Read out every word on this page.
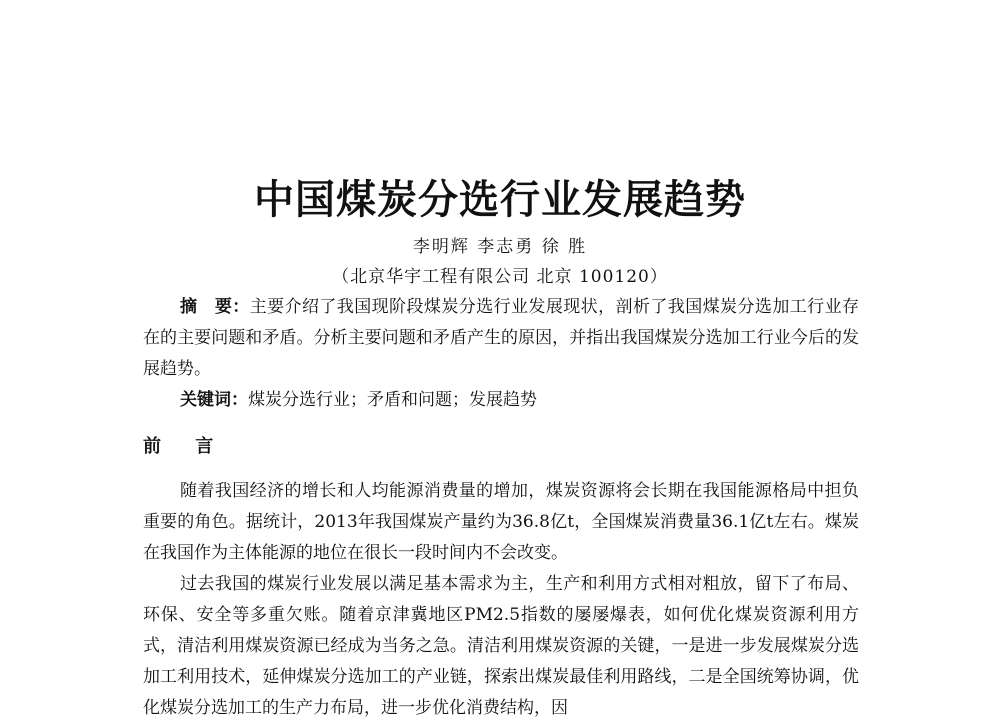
中国煤炭分选行业发展趋势
李明辉 李志勇 徐 胜
（北京华宇工程有限公司 北京 100120）

摘　要：主要介绍了我国现阶段煤炭分选行业发展现状，剖析了我国煤炭分选加工行业存在的主要问题和矛盾。分析主要问题和矛盾产生的原因，并指出我国煤炭分选加工行业今后的发展趋势。

关键词：煤炭分选行业；矛盾和问题；发展趋势
前 言

随着我国经济的增长和人均能源消费量的增加，煤炭资源将会长期在我国能源格局中担负重要的角色。据统计，2013年我国煤炭产量约为36.8亿t，全国煤炭消费量36.1亿t左右。煤炭在我国作为主体能源的地位在很长一段时间内不会改变。

过去我国的煤炭行业发展以满足基本需求为主，生产和利用方式相对粗放，留下了布局、环保、安全等多重欠账。随着京津冀地区PM2.5指数的屡屡爆表，如何优化煤炭资源利用方式，清洁利用煤炭资源已经成为当务之急。清洁利用煤炭资源的关键，一是进一步发展煤炭分选加工利用技术，延伸煤炭分选加工的产业链，探索出煤炭最佳利用路线，二是全国统筹协调，优化煤炭分选加工的生产力布局，进一步优化消费结构，因
